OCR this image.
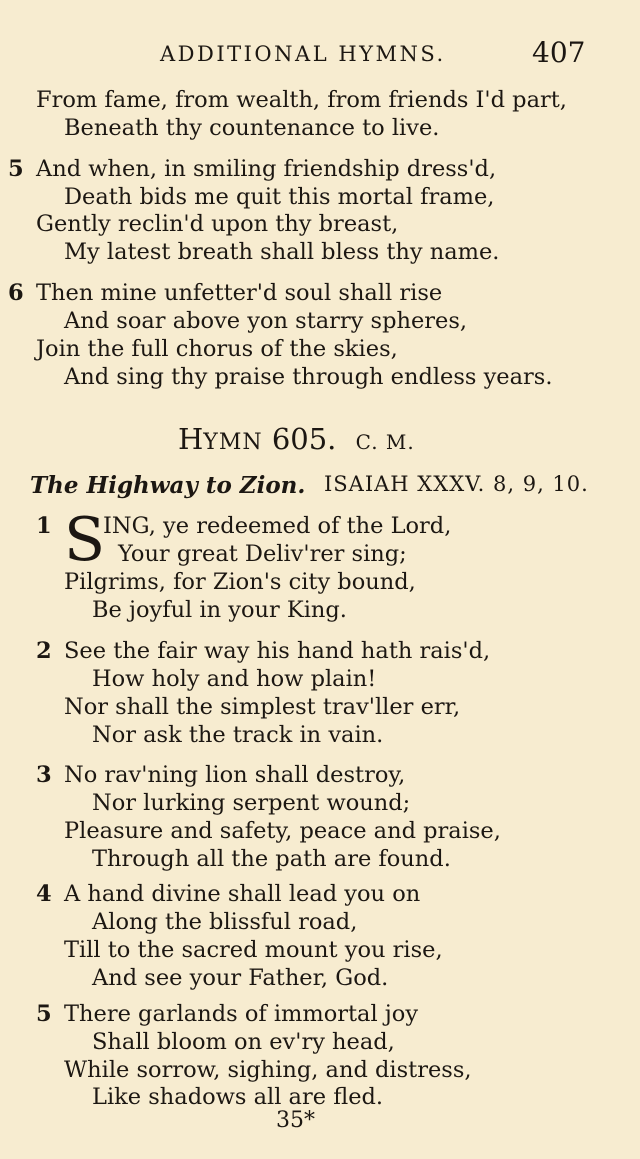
ADDITIONAL HYMNS.	407
From fame, from wealth, from friends I'd part,
Beneath thy countenance to live.
5 And when, in smiling friendship dress'd,
Death bids me quit this mortal frame,
Gently reclin'd upon thy breast,
My latest breath shall bless thy name.
6 Then mine unfetter'd soul shall rise
And soar above yon starry spheres,
Join the full chorus of the skies,
And sing thy praise through endless years.
HYMN 605. C. M.
The Highway to Zion. ISAIAH XXXV. 8, 9, 10.
1 S
ING, ye redeemed of the Lord,
Your great Deliv'rer sing;
Pilgrims, for Zion's city bound,
Be joyful in your King.
2 See the fair way his hand hath rais'd,
How holy and how plain!
Nor shall the simplest trav'ller err,
Nor ask the track in vain.
3 No rav'ning lion shall destroy,
Nor lurking serpent wound;
Pleasure and safety, peace and praise,
Through all the path are found.
4 A hand divine shall lead you on
Along the blissful road,
Till to the sacred mount you rise,
And see your Father, God.
5 There garlands of immortal joy
Shall bloom on ev'ry head,
While sorrow, sighing, and distress,
Like shadows all are fled.
35*
